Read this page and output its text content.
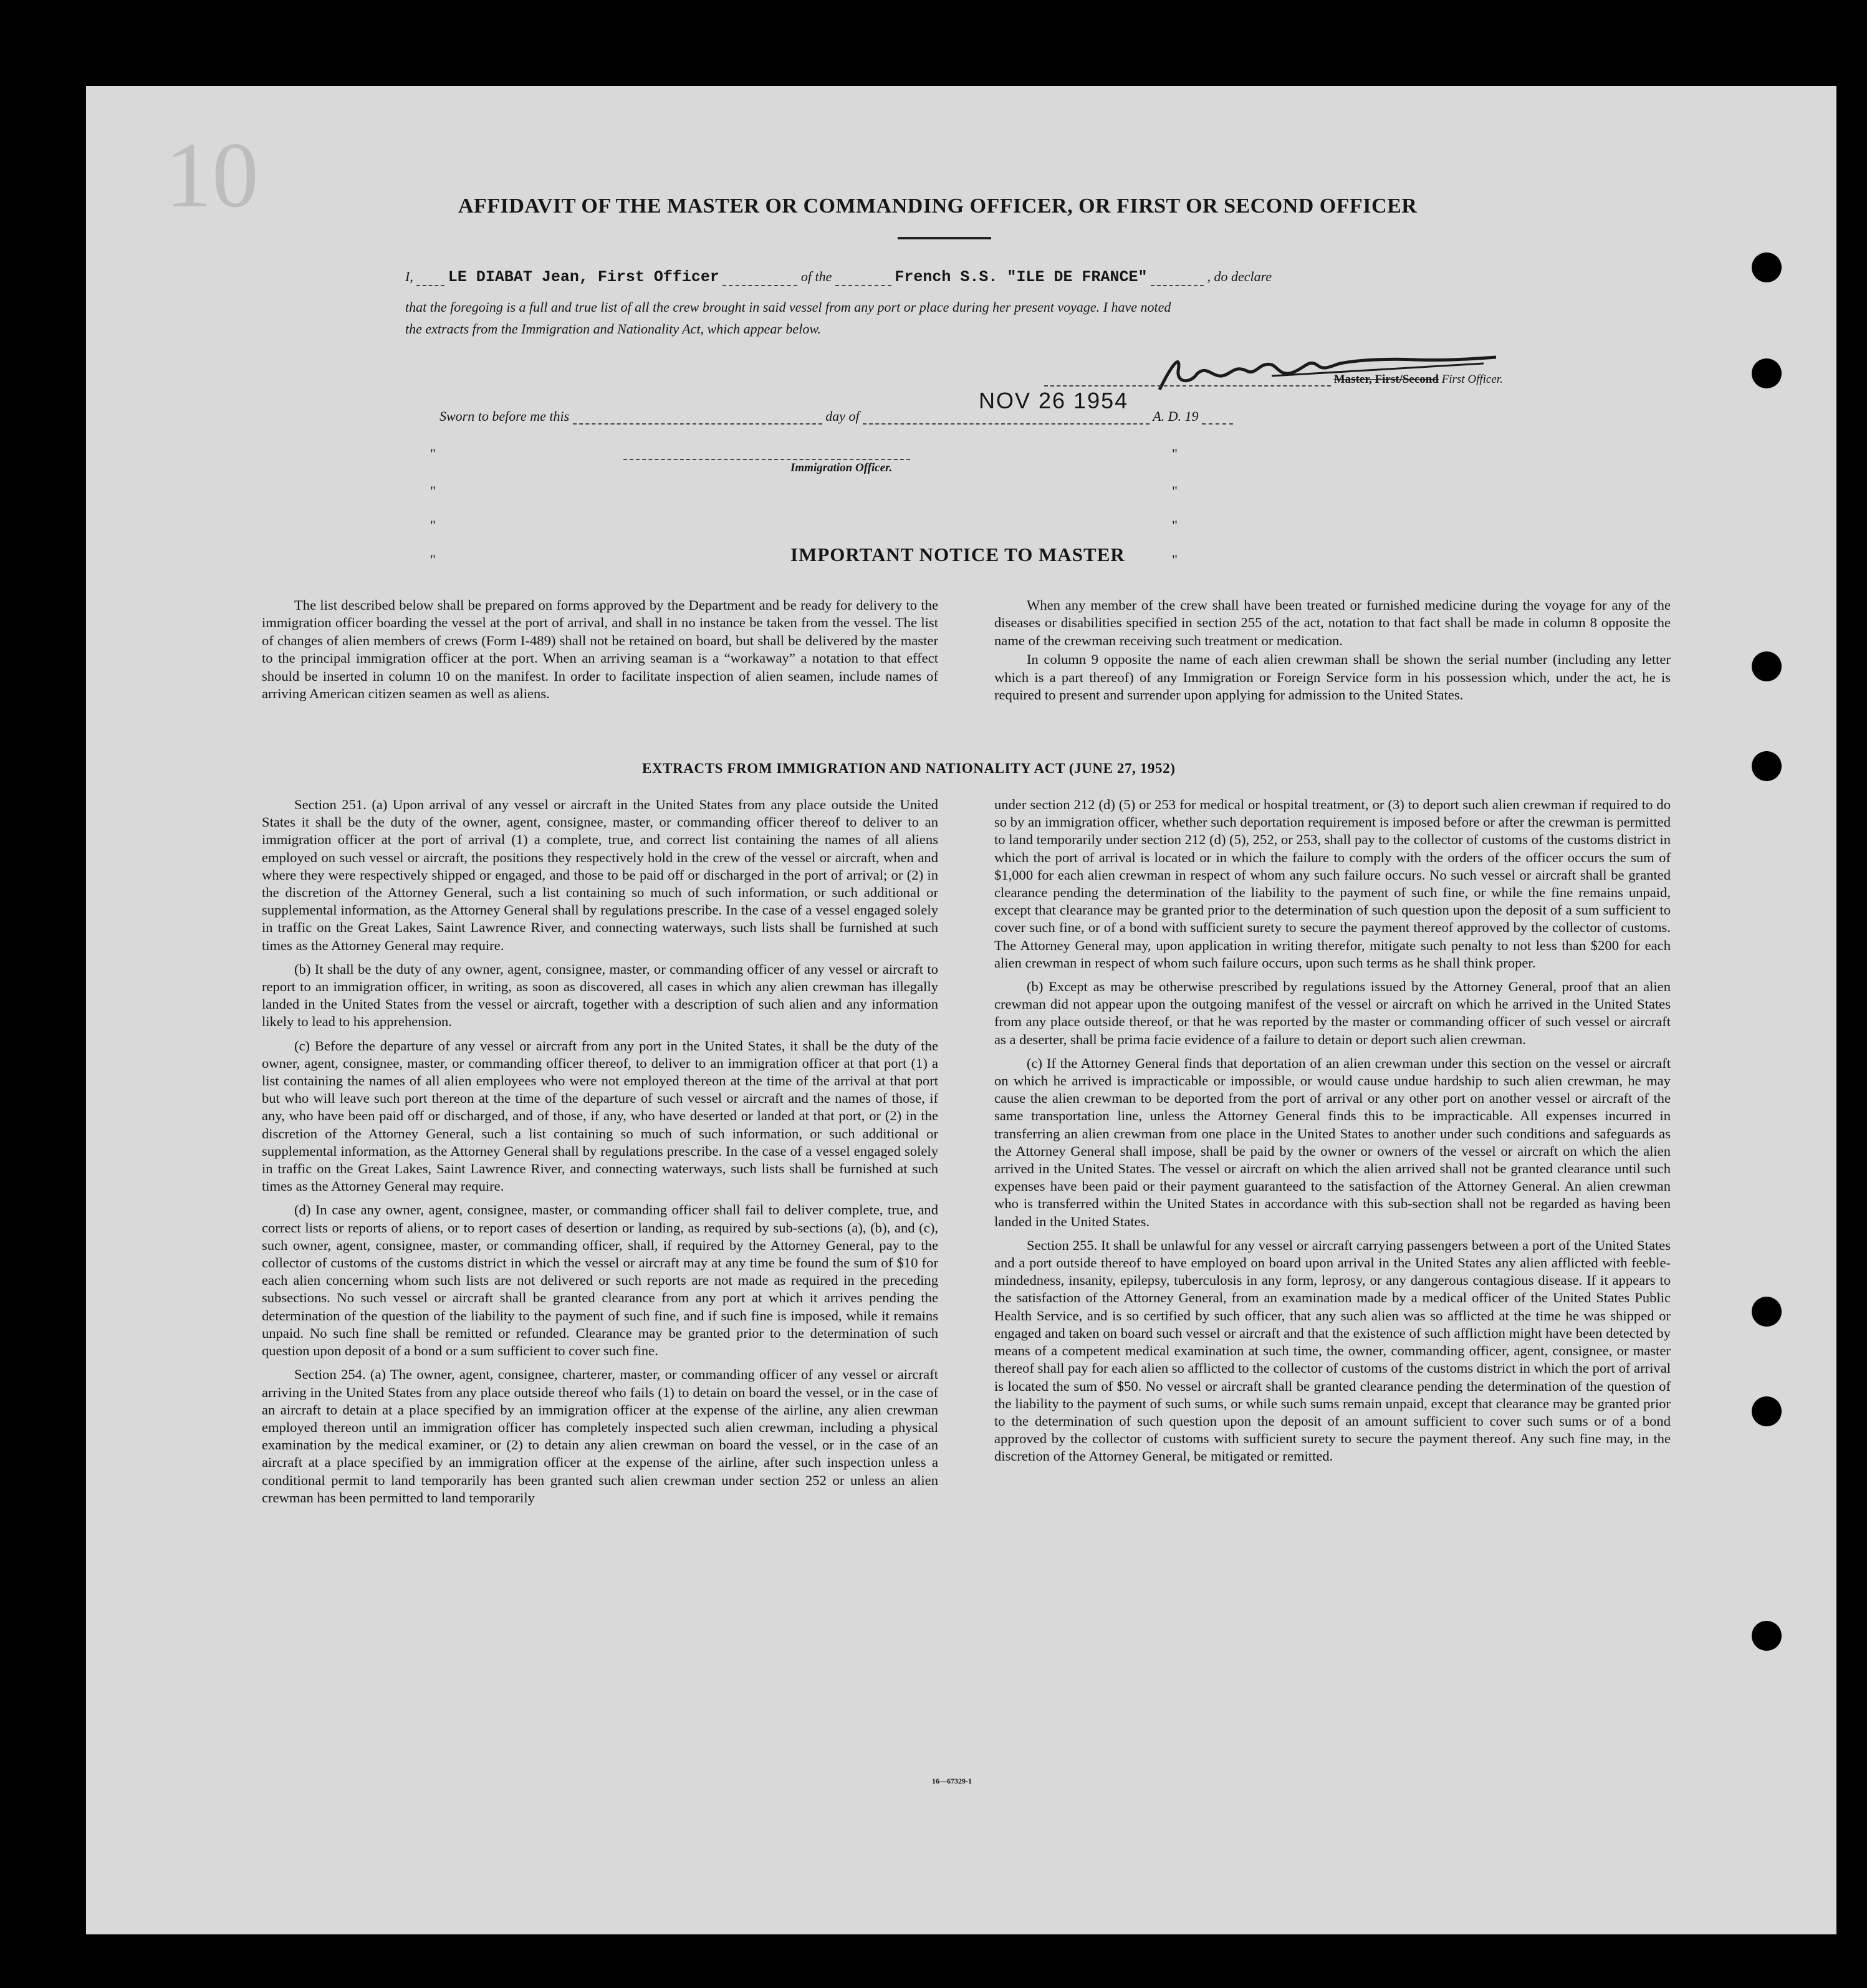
10	AFFIDAVIT OF THE MASTER OR COMMANDING OFFICER, OR FIRST OR SECOND OFFICER
I, LE DIABAT Jean, First Officer	of the	French S.S. "ILE DE FRANCE"	, do declare
that the foregoing is a full and true list of all the crew brought in said vessel from any port or place during her present voyage. I have noted
the extracts from the Immigration and Nationality Act, which appear below.
Master, First/Second First Officer.
Sworn to before me this	day of	A. D. 19
NOV 26 1954
Immigration Officer.
"
"
"
"
"
"
"
"
IMPORTANT NOTICE TO MASTER

The list described below shall be prepared on forms approved by the Department and be ready for delivery to the immigration officer boarding the vessel at the port of arrival, and shall in no instance be taken from the vessel. The list of changes of alien members of crews (Form I-489) shall not be retained on board, but shall be delivered by the master to the principal immigration officer at the port. When an arriving seaman is a “workaway” a notation to that effect should be inserted in column 10 on the manifest. In order to facilitate inspection of alien seamen, include names of arriving American citizen seamen as well as aliens.

When any member of the crew shall have been treated or furnished medicine during the voyage for any of the diseases or disabilities specified in section 255 of the act, notation to that fact shall be made in column 8 opposite the name of the crewman receiving such treatment or medication.

In column 9 opposite the name of each alien crewman shall be shown the serial number (including any letter which is a part thereof) of any Immigration or Foreign Service form in his possession which, under the act, he is required to present and surrender upon applying for admission to the United States.

EXTRACTS FROM IMMIGRATION AND NATIONALITY ACT (JUNE 27, 1952)

Section 251. (a) Upon arrival of any vessel or aircraft in the United States from any place outside the United States it shall be the duty of the owner, agent, consignee, master, or commanding officer thereof to deliver to an immigration officer at the port of arrival (1) a complete, true, and correct list containing the names of all aliens employed on such vessel or aircraft, the positions they respectively hold in the crew of the vessel or aircraft, when and where they were respectively shipped or engaged, and those to be paid off or discharged in the port of arrival; or (2) in the discretion of the Attorney General, such a list containing so much of such information, or such additional or supplemental information, as the Attorney General shall by regulations prescribe. In the case of a vessel engaged solely in traffic on the Great Lakes, Saint Lawrence River, and connecting waterways, such lists shall be furnished at such times as the Attorney General may require.

(b) It shall be the duty of any owner, agent, consignee, master, or commanding officer of any vessel or aircraft to report to an immigration officer, in writing, as soon as discovered, all cases in which any alien crewman has illegally landed in the United States from the vessel or aircraft, together with a description of such alien and any information likely to lead to his apprehension.

(c) Before the departure of any vessel or aircraft from any port in the United States, it shall be the duty of the owner, agent, consignee, master, or commanding officer thereof, to deliver to an immigration officer at that port (1) a list containing the names of all alien employees who were not employed thereon at the time of the arrival at that port but who will leave such port thereon at the time of the departure of such vessel or aircraft and the names of those, if any, who have been paid off or discharged, and of those, if any, who have deserted or landed at that port, or (2) in the discretion of the Attorney General, such a list containing so much of such information, or such additional or supplemental information, as the Attorney General shall by regulations prescribe. In the case of a vessel engaged solely in traffic on the Great Lakes, Saint Lawrence River, and connecting waterways, such lists shall be furnished at such times as the Attorney General may require.

(d) In case any owner, agent, consignee, master, or commanding officer shall fail to deliver complete, true, and correct lists or reports of aliens, or to report cases of desertion or landing, as required by sub-sections (a), (b), and (c), such owner, agent, consignee, master, or commanding officer, shall, if required by the Attorney General, pay to the collector of customs of the customs district in which the vessel or aircraft may at any time be found the sum of $10 for each alien concerning whom such lists are not delivered or such reports are not made as required in the preceding subsections. No such vessel or aircraft shall be granted clearance from any port at which it arrives pending the determination of the question of the liability to the payment of such fine, and if such fine is imposed, while it remains unpaid. No such fine shall be remitted or refunded. Clearance may be granted prior to the determination of such question upon deposit of a bond or a sum sufficient to cover such fine.

Section 254. (a) The owner, agent, consignee, charterer, master, or commanding officer of any vessel or aircraft arriving in the United States from any place outside thereof who fails (1) to detain on board the vessel, or in the case of an aircraft to detain at a place specified by an immigration officer at the expense of the airline, any alien crewman employed thereon until an immigration officer has completely inspected such alien crewman, including a physical examination by the medical examiner, or (2) to detain any alien crewman on board the vessel, or in the case of an aircraft at a place specified by an immigration officer at the expense of the airline, after such inspection unless a conditional permit to land temporarily has been granted such alien crewman under section 252 or unless an alien crewman has been permitted to land temporarily

under section 212 (d) (5) or 253 for medical or hospital treatment, or (3) to deport such alien crewman if required to do so by an immigration officer, whether such deportation requirement is imposed before or after the crewman is permitted to land temporarily under section 212 (d) (5), 252, or 253, shall pay to the collector of customs of the customs district in which the port of arrival is located or in which the failure to comply with the orders of the officer occurs the sum of $1,000 for each alien crewman in respect of whom any such failure occurs. No such vessel or aircraft shall be granted clearance pending the determination of the liability to the payment of such fine, or while the fine remains unpaid, except that clearance may be granted prior to the determination of such question upon the deposit of a sum sufficient to cover such fine, or of a bond with sufficient surety to secure the payment thereof approved by the collector of customs. The Attorney General may, upon application in writing therefor, mitigate such penalty to not less than $200 for each alien crewman in respect of whom such failure occurs, upon such terms as he shall think proper.

(b) Except as may be otherwise prescribed by regulations issued by the Attorney General, proof that an alien crewman did not appear upon the outgoing manifest of the vessel or aircraft on which he arrived in the United States from any place outside thereof, or that he was reported by the master or commanding officer of such vessel or aircraft as a deserter, shall be prima facie evidence of a failure to detain or deport such alien crewman.

(c) If the Attorney General finds that deportation of an alien crewman under this section on the vessel or aircraft on which he arrived is impracticable or impossible, or would cause undue hardship to such alien crewman, he may cause the alien crewman to be deported from the port of arrival or any other port on another vessel or aircraft of the same transportation line, unless the Attorney General finds this to be impracticable. All expenses incurred in transferring an alien crewman from one place in the United States to another under such conditions and safeguards as the Attorney General shall impose, shall be paid by the owner or owners of the vessel or aircraft on which the alien arrived in the United States. The vessel or aircraft on which the alien arrived shall not be granted clearance until such expenses have been paid or their payment guaranteed to the satisfaction of the Attorney General. An alien crewman who is transferred within the United States in accordance with this sub-section shall not be regarded as having been landed in the United States.

Section 255. It shall be unlawful for any vessel or aircraft carrying passengers between a port of the United States and a port outside thereof to have employed on board upon arrival in the United States any alien afflicted with feeble-mindedness, insanity, epilepsy, tuberculosis in any form, leprosy, or any dangerous contagious disease. If it appears to the satisfaction of the Attorney General, from an examination made by a medical officer of the United States Public Health Service, and is so certified by such officer, that any such alien was so afflicted at the time he was shipped or engaged and taken on board such vessel or aircraft and that the existence of such affliction might have been detected by means of a competent medical examination at such time, the owner, commanding officer, agent, consignee, or master thereof shall pay for each alien so afflicted to the collector of customs of the customs district in which the port of arrival is located the sum of $50. No vessel or aircraft shall be granted clearance pending the determination of the question of the liability to the payment of such sums, or while such sums remain unpaid, except that clearance may be granted prior to the determination of such question upon the deposit of an amount sufficient to cover such sums or of a bond approved by the collector of customs with sufficient surety to secure the payment thereof. Any such fine may, in the discretion of the Attorney General, be mitigated or remitted.

16—67329-1
